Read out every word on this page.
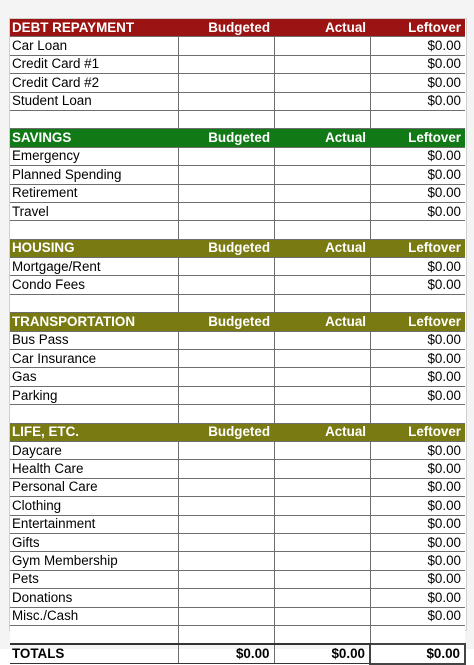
DEBT REPAYMENT	Budgeted	Actual	Leftover
Car Loan			$0.00
Credit Card #1			$0.00
Credit Card #2			$0.00
Student Loan			$0.00

SAVINGS	Budgeted	Actual	Leftover
Emergency			$0.00
Planned Spending			$0.00
Retirement			$0.00
Travel			$0.00

HOUSING	Budgeted	Actual	Leftover
Mortgage/Rent			$0.00
Condo Fees			$0.00

TRANSPORTATION	Budgeted	Actual	Leftover
Bus Pass			$0.00
Car Insurance			$0.00
Gas			$0.00
Parking			$0.00

LIFE, ETC.	Budgeted	Actual	Leftover
Daycare			$0.00
Health Care			$0.00
Personal Care			$0.00
Clothing			$0.00
Entertainment			$0.00
Gifts			$0.00
Gym Membership			$0.00
Pets			$0.00
Donations			$0.00
Misc./Cash			$0.00

TOTALS	$0.00	$0.00	$0.00
